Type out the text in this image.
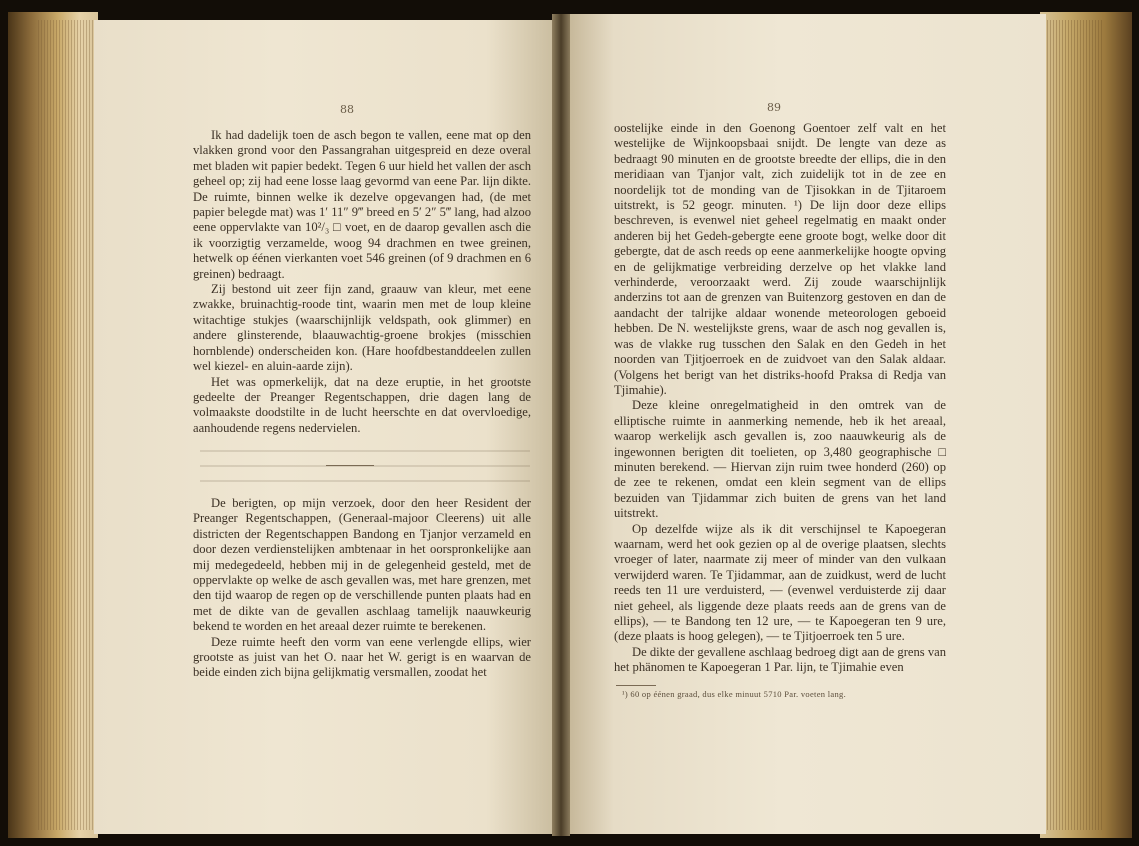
88	89

Ik had dadelijk toen de asch begon te vallen, eene mat op den vlakken grond voor den Passangrahan uitgespreid en deze overal met bladen wit papier bedekt. Tegen 6 uur hield het vallen der asch geheel op; zij had eene losse laag gevormd van eene Par. lijn dikte. De ruimte, binnen welke ik dezelve opgevangen had, (de met papier belegde mat) was 1′ 11″ 9‴ breed en 5′ 2″ 5‴ lang, had alzoo eene oppervlakte van 10²/₃ □ voet, en de daarop gevallen asch die ik voorzigtig verzamelde, woog 94 drachmen en twee greinen, hetwelk op éénen vierkanten voet 546 greinen (of 9 drachmen en 6 greinen) bedraagt.

Zij bestond uit zeer fijn zand, graauw van kleur, met eene zwakke, bruinachtig-roode tint, waarin men met de loup kleine witachtige stukjes (waarschijnlijk veldspath, ook glimmer) en andere glinsterende, blaauwachtig-groene brokjes (misschien hornblende) onderscheiden kon. (Hare hoofdbestanddeelen zullen wel kiezel- en aluin-aarde zijn).

Het was opmerkelijk, dat na deze eruptie, in het grootste gedeelte der Preanger Regentschappen, drie dagen lang de volmaakste doodstilte in de lucht heerschte en dat overvloedige, aanhoudende regens nedervielen.

De berigten, op mijn verzoek, door den heer Resident der Preanger Regentschappen, (Generaal-majoor Cleerens) uit alle districten der Regentschappen Bandong en Tjanjor verzameld en door dezen verdienstelijken ambtenaar in het oorspronkelijke aan mij medegedeeld, hebben mij in de gelegenheid gesteld, met de oppervlakte op welke de asch gevallen was, met hare grenzen, met den tijd waarop de regen op de verschillende punten plaats had en met de dikte van de gevallen aschlaag tamelijk naauwkeurig bekend te worden en het areaal dezer ruimte te berekenen.

Deze ruimte heeft den vorm van eene verlengde ellips, wier grootste as juist van het O. naar het W. gerigt is en waarvan de beide einden zich bijna gelijkmatig versmallen, zoodat het

oostelijke einde in den Goenong Goentoer zelf valt en het westelijke de Wijnkoopsbaai snijdt. De lengte van deze as bedraagt 90 minuten en de grootste breedte der ellips, die in den meridiaan van Tjanjor valt, zich zuidelijk tot in de zee en noordelijk tot de monding van de Tjisokkan in de Tjitaroem uitstrekt, is 52 geogr. minuten. ¹) De lijn door deze ellips beschreven, is evenwel niet geheel regelmatig en maakt onder anderen bij het Gedeh-gebergte eene groote bogt, welke door dit gebergte, dat de asch reeds op eene aanmerkelijke hoogte opving en de gelijkmatige verbreiding derzelve op het vlakke land verhinderde, veroorzaakt werd. Zij zoude waarschijnlijk anderzins tot aan de grenzen van Buitenzorg gestoven en dan de aandacht der talrijke aldaar wonende meteorologen geboeid hebben. De N. westelijkste grens, waar de asch nog gevallen is, was de vlakke rug tusschen den Salak en den Gedeh in het noorden van Tjitjoerroek en de zuidvoet van den Salak aldaar. (Volgens het berigt van het distriks-hoofd Praksa di Redja van Tjimahie).

Deze kleine onregelmatigheid in den omtrek van de elliptische ruimte in aanmerking nemende, heb ik het areaal, waarop werkelijk asch gevallen is, zoo naauwkeurig als de ingewonnen berigten dit toelieten, op 3,480 geographische □ minuten berekend. — Hiervan zijn ruim twee honderd (260) op de zee te rekenen, omdat een klein segment van de ellips bezuiden van Tjidammar zich buiten de grens van het land uitstrekt.

Op dezelfde wijze als ik dit verschijnsel te Kapoegeran waarnam, werd het ook gezien op al de overige plaatsen, slechts vroeger of later, naarmate zij meer of minder van den vulkaan verwijderd waren. Te Tjidammar, aan de zuidkust, werd de lucht reeds ten 11 ure verduisterd, — (evenwel verduisterde zij daar niet geheel, als liggende deze plaats reeds aan de grens van de ellips), — te Bandong ten 12 ure, — te Kapoegeran ten 9 ure, (deze plaats is hoog gelegen), — te Tjitjoerroek ten 5 ure.

De dikte der gevallene aschlaag bedroeg digt aan de grens van het phänomen te Kapoegeran 1 Par. lijn, te Tjimahie even

¹) 60 op éénen graad, dus elke minuut 5710 Par. voeten lang.
